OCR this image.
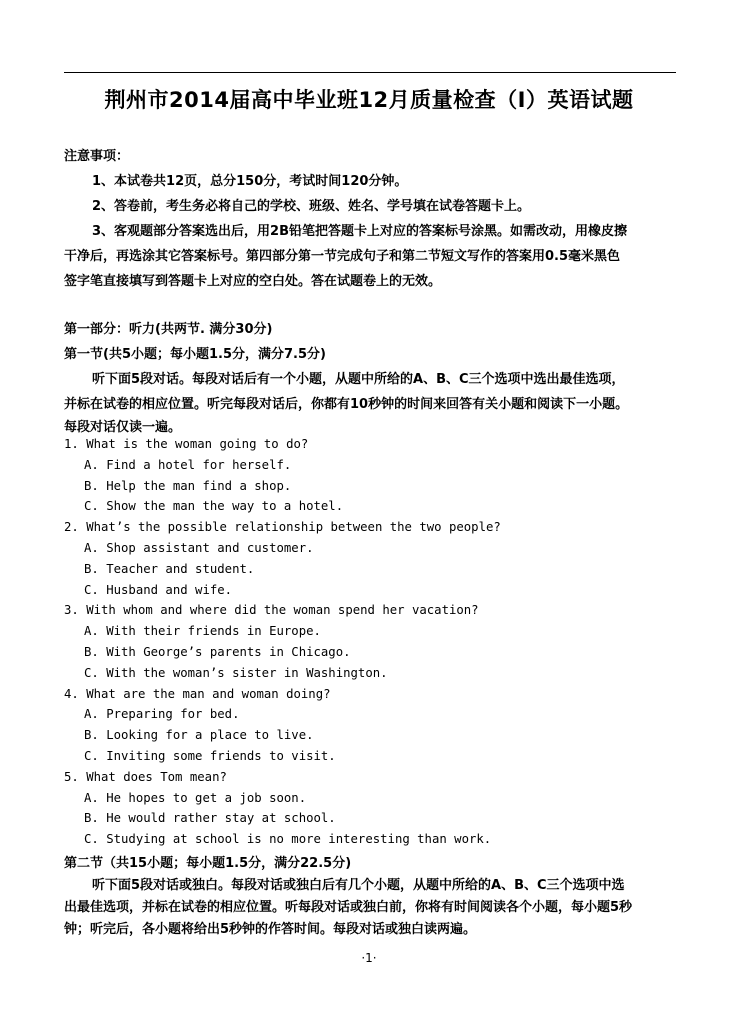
荆州市2014届高中毕业班12月质量检查（Ⅰ）英语试题
注意事项：
1、本试卷共12页，总分150分，考试时间120分钟。
2、答卷前，考生务必将自己的学校、班级、姓名、学号填在试卷答题卡上。
3、客观题部分答案选出后，用2B铅笔把答题卡上对应的答案标号涂黑。如需改动，用橡皮擦
干净后，再选涂其它答案标号。第四部分第一节完成句子和第二节短文写作的答案用0.5毫米黑色
签字笔直接填写到答题卡上对应的空白处。答在试题卷上的无效。
第一部分：听力(共两节. 满分30分)
第一节(共5小题；每小题1.5分，满分7.5分)
听下面5段对话。每段对话后有一个小题，从题中所给的A、B、C三个选项中选出最佳选项，
并标在试卷的相应位置。听完每段对话后，你都有10秒钟的时间来回答有关小题和阅读下一小题。
每段对话仅读一遍。
1. What is the woman going to do?
A. Find a hotel for herself.
B. Help the man find a shop.
C. Show the man the way to a hotel.
2. What’s the possible relationship between the two people?
A. Shop assistant and customer.
B. Teacher and student.
C. Husband and wife.
3. With whom and where did the woman spend her vacation?
A. With their friends in Europe.
B. With George’s parents in Chicago.
C. With the woman’s sister in Washington.
4. What are the man and woman doing?
A. Preparing for bed.
B. Looking for a place to live.
C. Inviting some friends to visit.
5. What does Tom mean?
A. He hopes to get a job soon.
B. He would rather stay at school.
C. Studying at school is no more interesting than work.
第二节（共15小题；每小题1.5分，满分22.5分)
听下面5段对话或独白。每段对话或独白后有几个小题，从题中所给的A、B、C三个选项中选
出最佳选项，并标在试卷的相应位置。听每段对话或独白前，你将有时间阅读各个小题，每小题5秒
钟；听完后，各小题将给出5秒钟的作答时间。每段对话或独白读两遍。
·1·
